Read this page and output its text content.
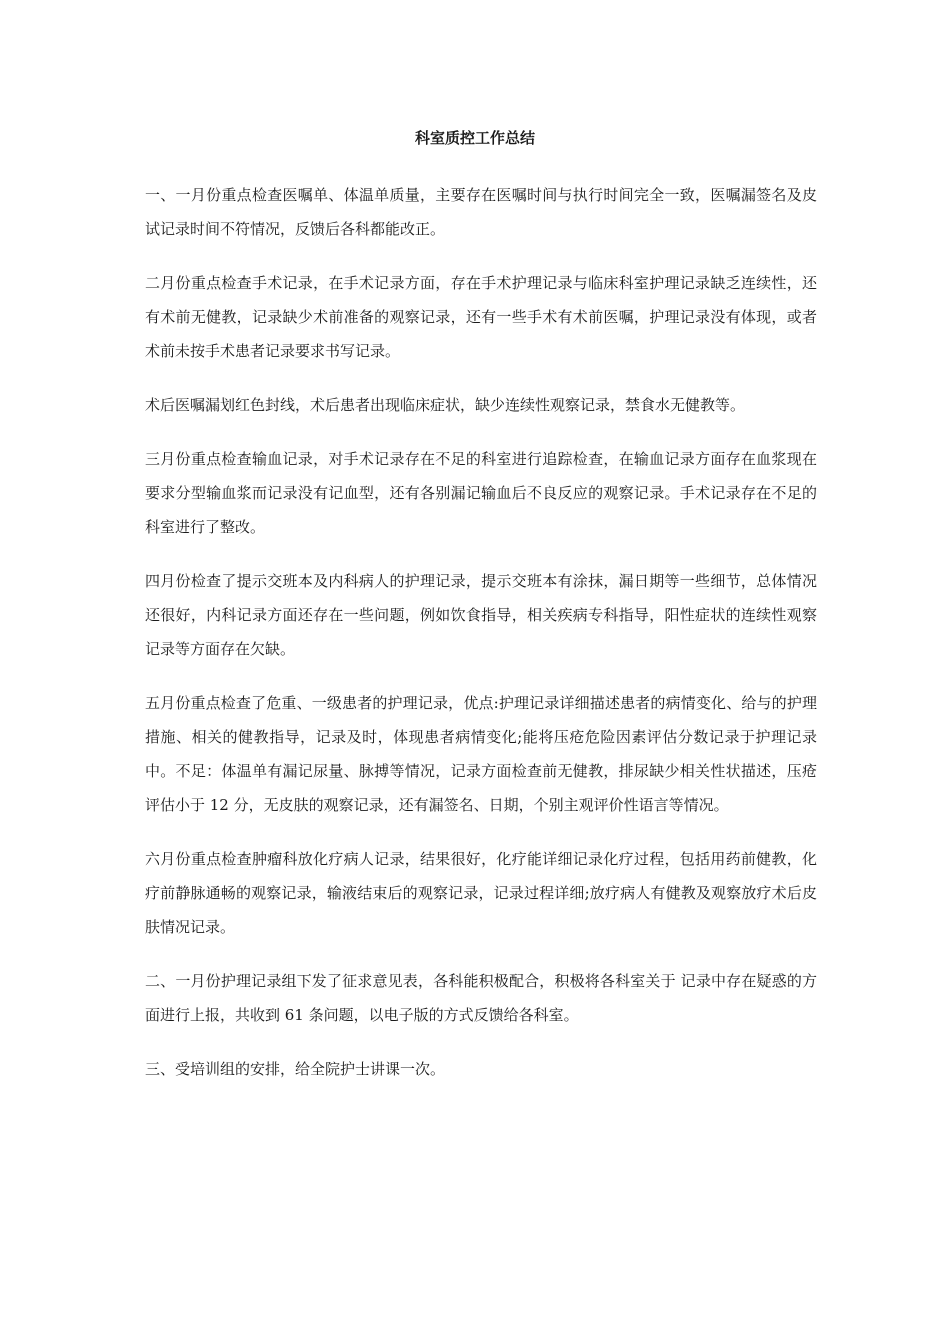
科室质控工作总结

一、一月份重点检查医嘱单、体温单质量，主要存在医嘱时间与执行时间完全一致，医嘱漏签名及皮试记录时间不符情况，反馈后各科都能改正。

二月份重点检查手术记录，在手术记录方面，存在手术护理记录与临床科室护理记录缺乏连续性，还有术前无健教，记录缺少术前准备的观察记录，还有一些手术有术前医嘱，护理记录没有体现，或者术前未按手术患者记录要求书写记录。

术后医嘱漏划红色封线，术后患者出现临床症状，缺少连续性观察记录，禁食水无健教等。

三月份重点检查输血记录，对手术记录存在不足的科室进行追踪检查，在输血记录方面存在血浆现在要求分型输血浆而记录没有记血型，还有各别漏记输血后不良反应的观察记录。手术记录存在不足的科室进行了整改。

四月份检查了提示交班本及内科病人的护理记录，提示交班本有涂抹，漏日期等一些细节，总体情况还很好，内科记录方面还存在一些问题，例如饮食指导，相关疾病专科指导，阳性症状的连续性观察记录等方面存在欠缺。

五月份重点检查了危重、一级患者的护理记录，优点:护理记录详细描述患者的病情变化、给与的护理措施、相关的健教指导，记录及时，体现患者病情变化;能将压疮危险因素评估分数记录于护理记录中。不足：体温单有漏记尿量、脉搏等情况，记录方面检查前无健教，排尿缺少相关性状描述，压疮评估小于 12 分，无皮肤的观察记录，还有漏签名、日期，个别主观评价性语言等情况。

六月份重点检查肿瘤科放化疗病人记录，结果很好，化疗能详细记录化疗过程，包括用药前健教，化疗前静脉通畅的观察记录，输液结束后的观察记录，记录过程详细;放疗病人有健教及观察放疗术后皮肤情况记录。

二、一月份护理记录组下发了征求意见表，各科能积极配合，积极将各科室关于 记录中存在疑惑的方面进行上报，共收到 61 条问题，以电子版的方式反馈给各科室。

三、受培训组的安排，给全院护士讲课一次。
